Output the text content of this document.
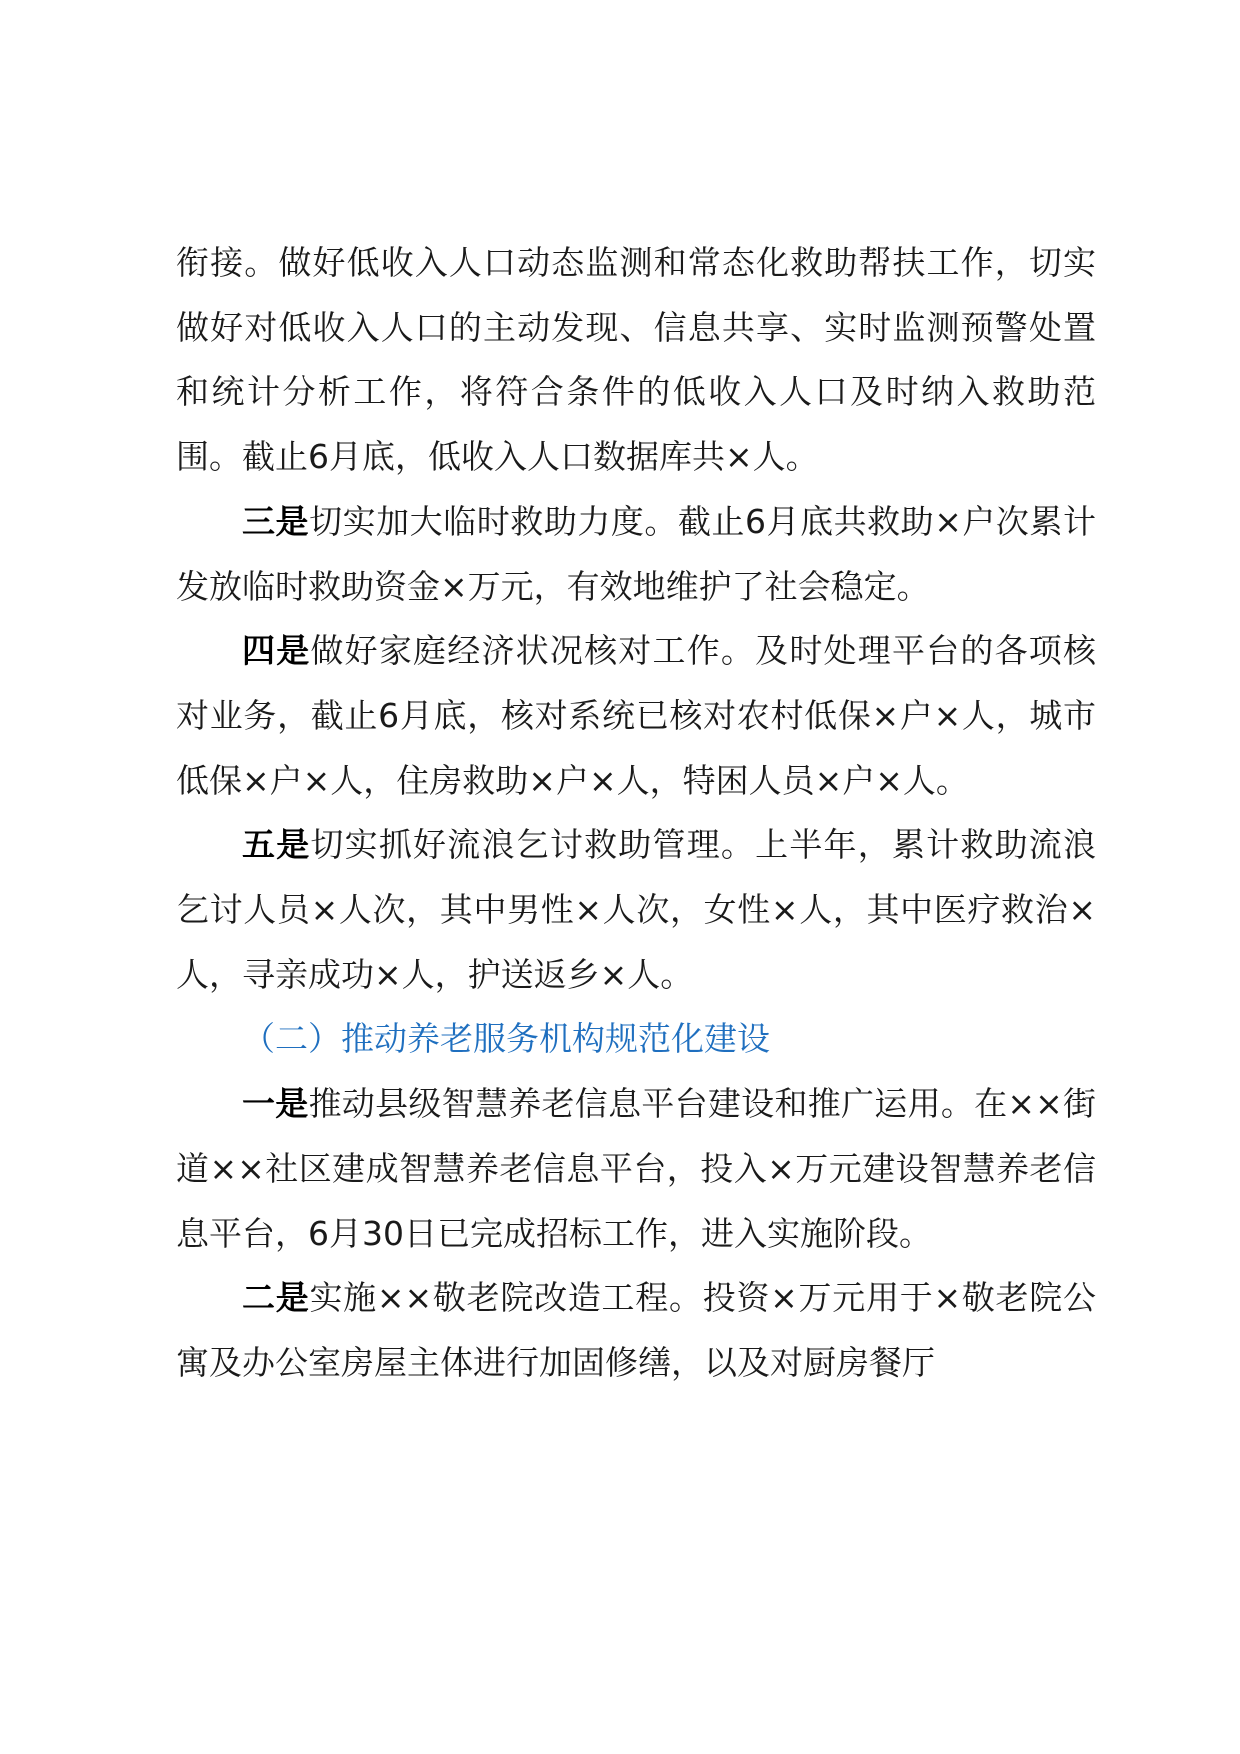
衔接。做好低收入人口动态监测和常态化救助帮扶工作，切实做好对低收入人口的主动发现、信息共享、实时监测预警处置和统计分析工作，将符合条件的低收入人口及时纳入救助范围。截止6月底，低收入人口数据库共×人。

三是切实加大临时救助力度。截止6月底共救助×户次累计发放临时救助资金×万元，有效地维护了社会稳定。

四是做好家庭经济状况核对工作。及时处理平台的各项核对业务，截止6月底，核对系统已核对农村低保×户×人，城市低保×户×人，住房救助×户×人，特困人员×户×人。

五是切实抓好流浪乞讨救助管理。上半年，累计救助流浪乞讨人员×人次，其中男性×人次，女性×人，其中医疗救治×人，寻亲成功×人，护送返乡×人。

（二）推动养老服务机构规范化建设

一是推动县级智慧养老信息平台建设和推广运用。在××街道××社区建成智慧养老信息平台，投入×万元建设智慧养老信息平台，6月30日已完成招标工作，进入实施阶段。

二是实施××敬老院改造工程。投资×万元用于×敬老院公寓及办公室房屋主体进行加固修缮，以及对厨房餐厅
